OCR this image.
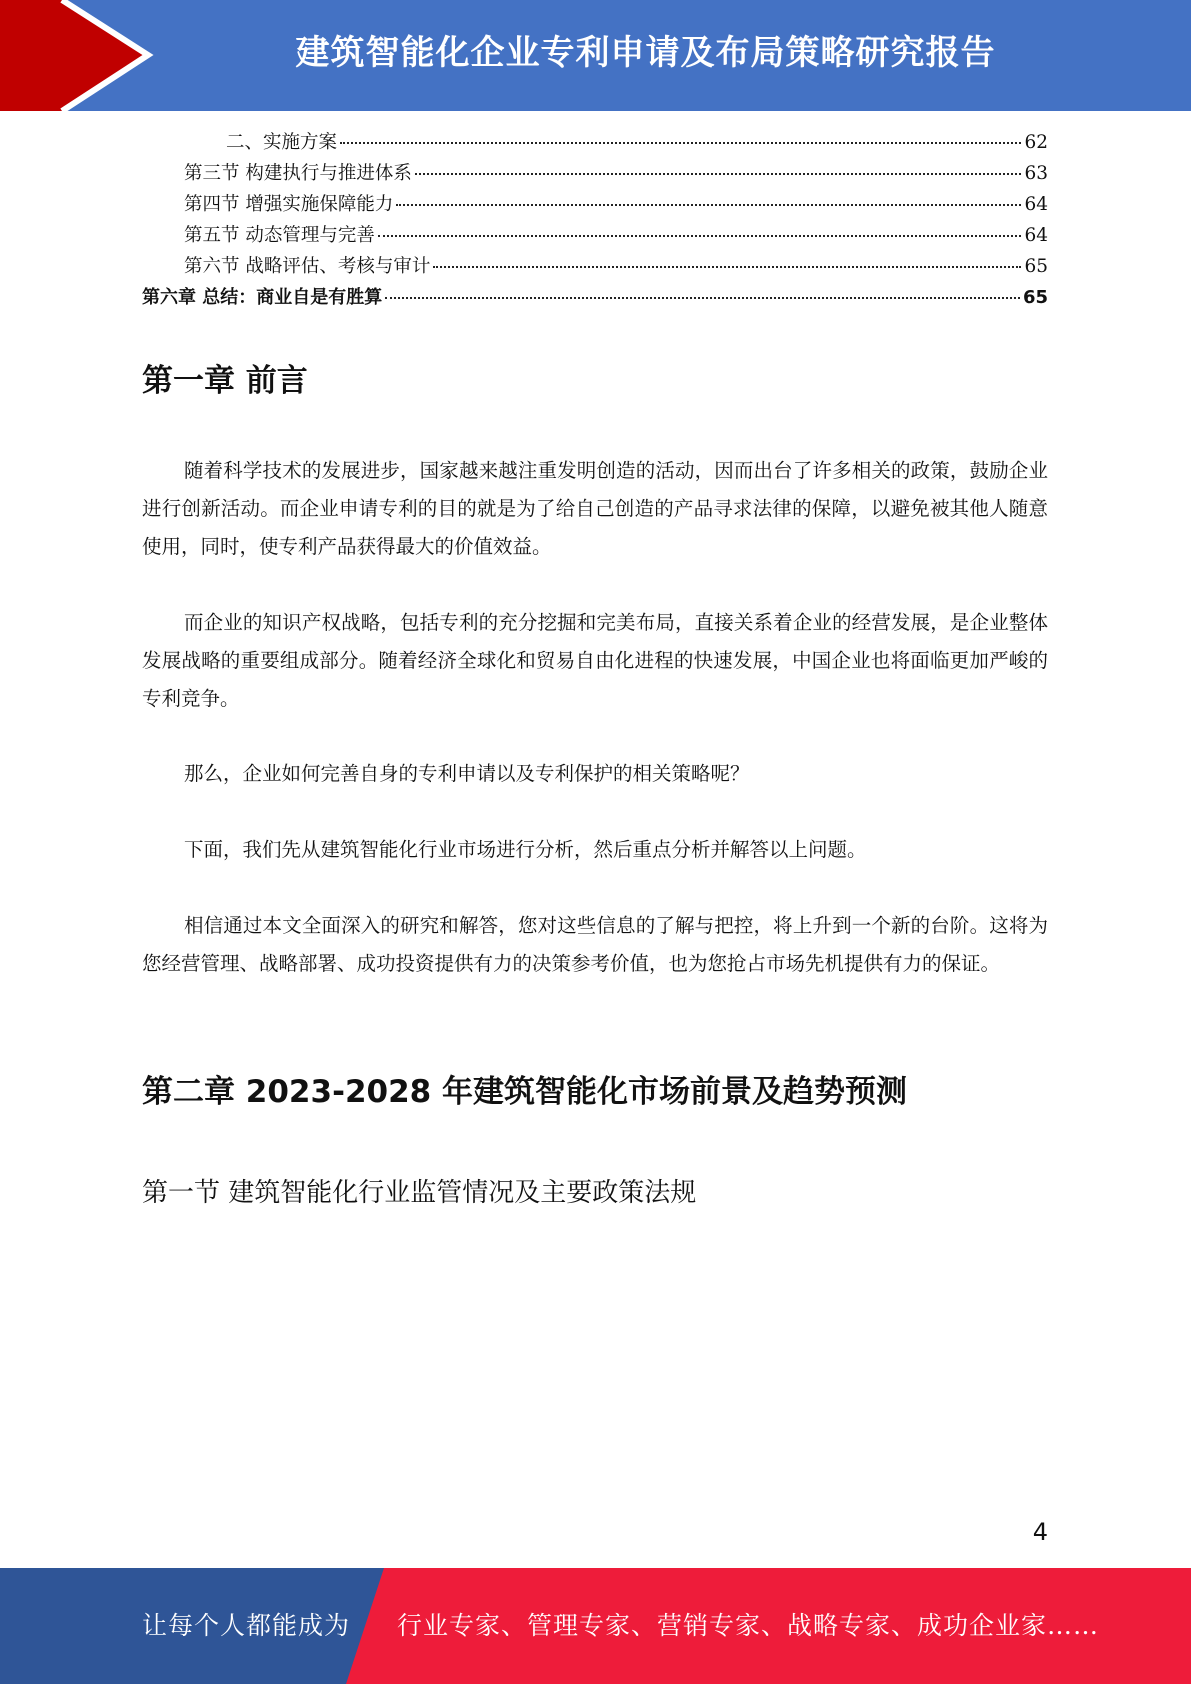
建筑智能化企业专利申请及布局策略研究报告
二、实施方案	62
第三节 构建执行与推进体系	63
第四节 增强实施保障能力	64
第五节 动态管理与完善	64
第六节 战略评估、考核与审计	65
第六章 总结：商业自是有胜算	65
第一章 前言

随着科学技术的发展进步，国家越来越注重发明创造的活动，因而出台了许多相关的政策，鼓励企业进行创新活动。而企业申请专利的目的就是为了给自己创造的产品寻求法律的保障，以避免被其他人随意使用，同时，使专利产品获得最大的价值效益。

而企业的知识产权战略，包括专利的充分挖掘和完美布局，直接关系着企业的经营发展，是企业整体发展战略的重要组成部分。随着经济全球化和贸易自由化进程的快速发展，中国企业也将面临更加严峻的专利竞争。

那么，企业如何完善自身的专利申请以及专利保护的相关策略呢？

下面，我们先从建筑智能化行业市场进行分析，然后重点分析并解答以上问题。

相信通过本文全面深入的研究和解答，您对这些信息的了解与把控，将上升到一个新的台阶。这将为您经营管理、战略部署、成功投资提供有力的决策参考价值，也为您抢占市场先机提供有力的保证。

第二章 2023-2028 年建筑智能化市场前景及趋势预测
第一节 建筑智能化行业监管情况及主要政策法规
4
让每个人都能成为 行业专家、管理专家、营销专家、战略专家、成功企业家……
